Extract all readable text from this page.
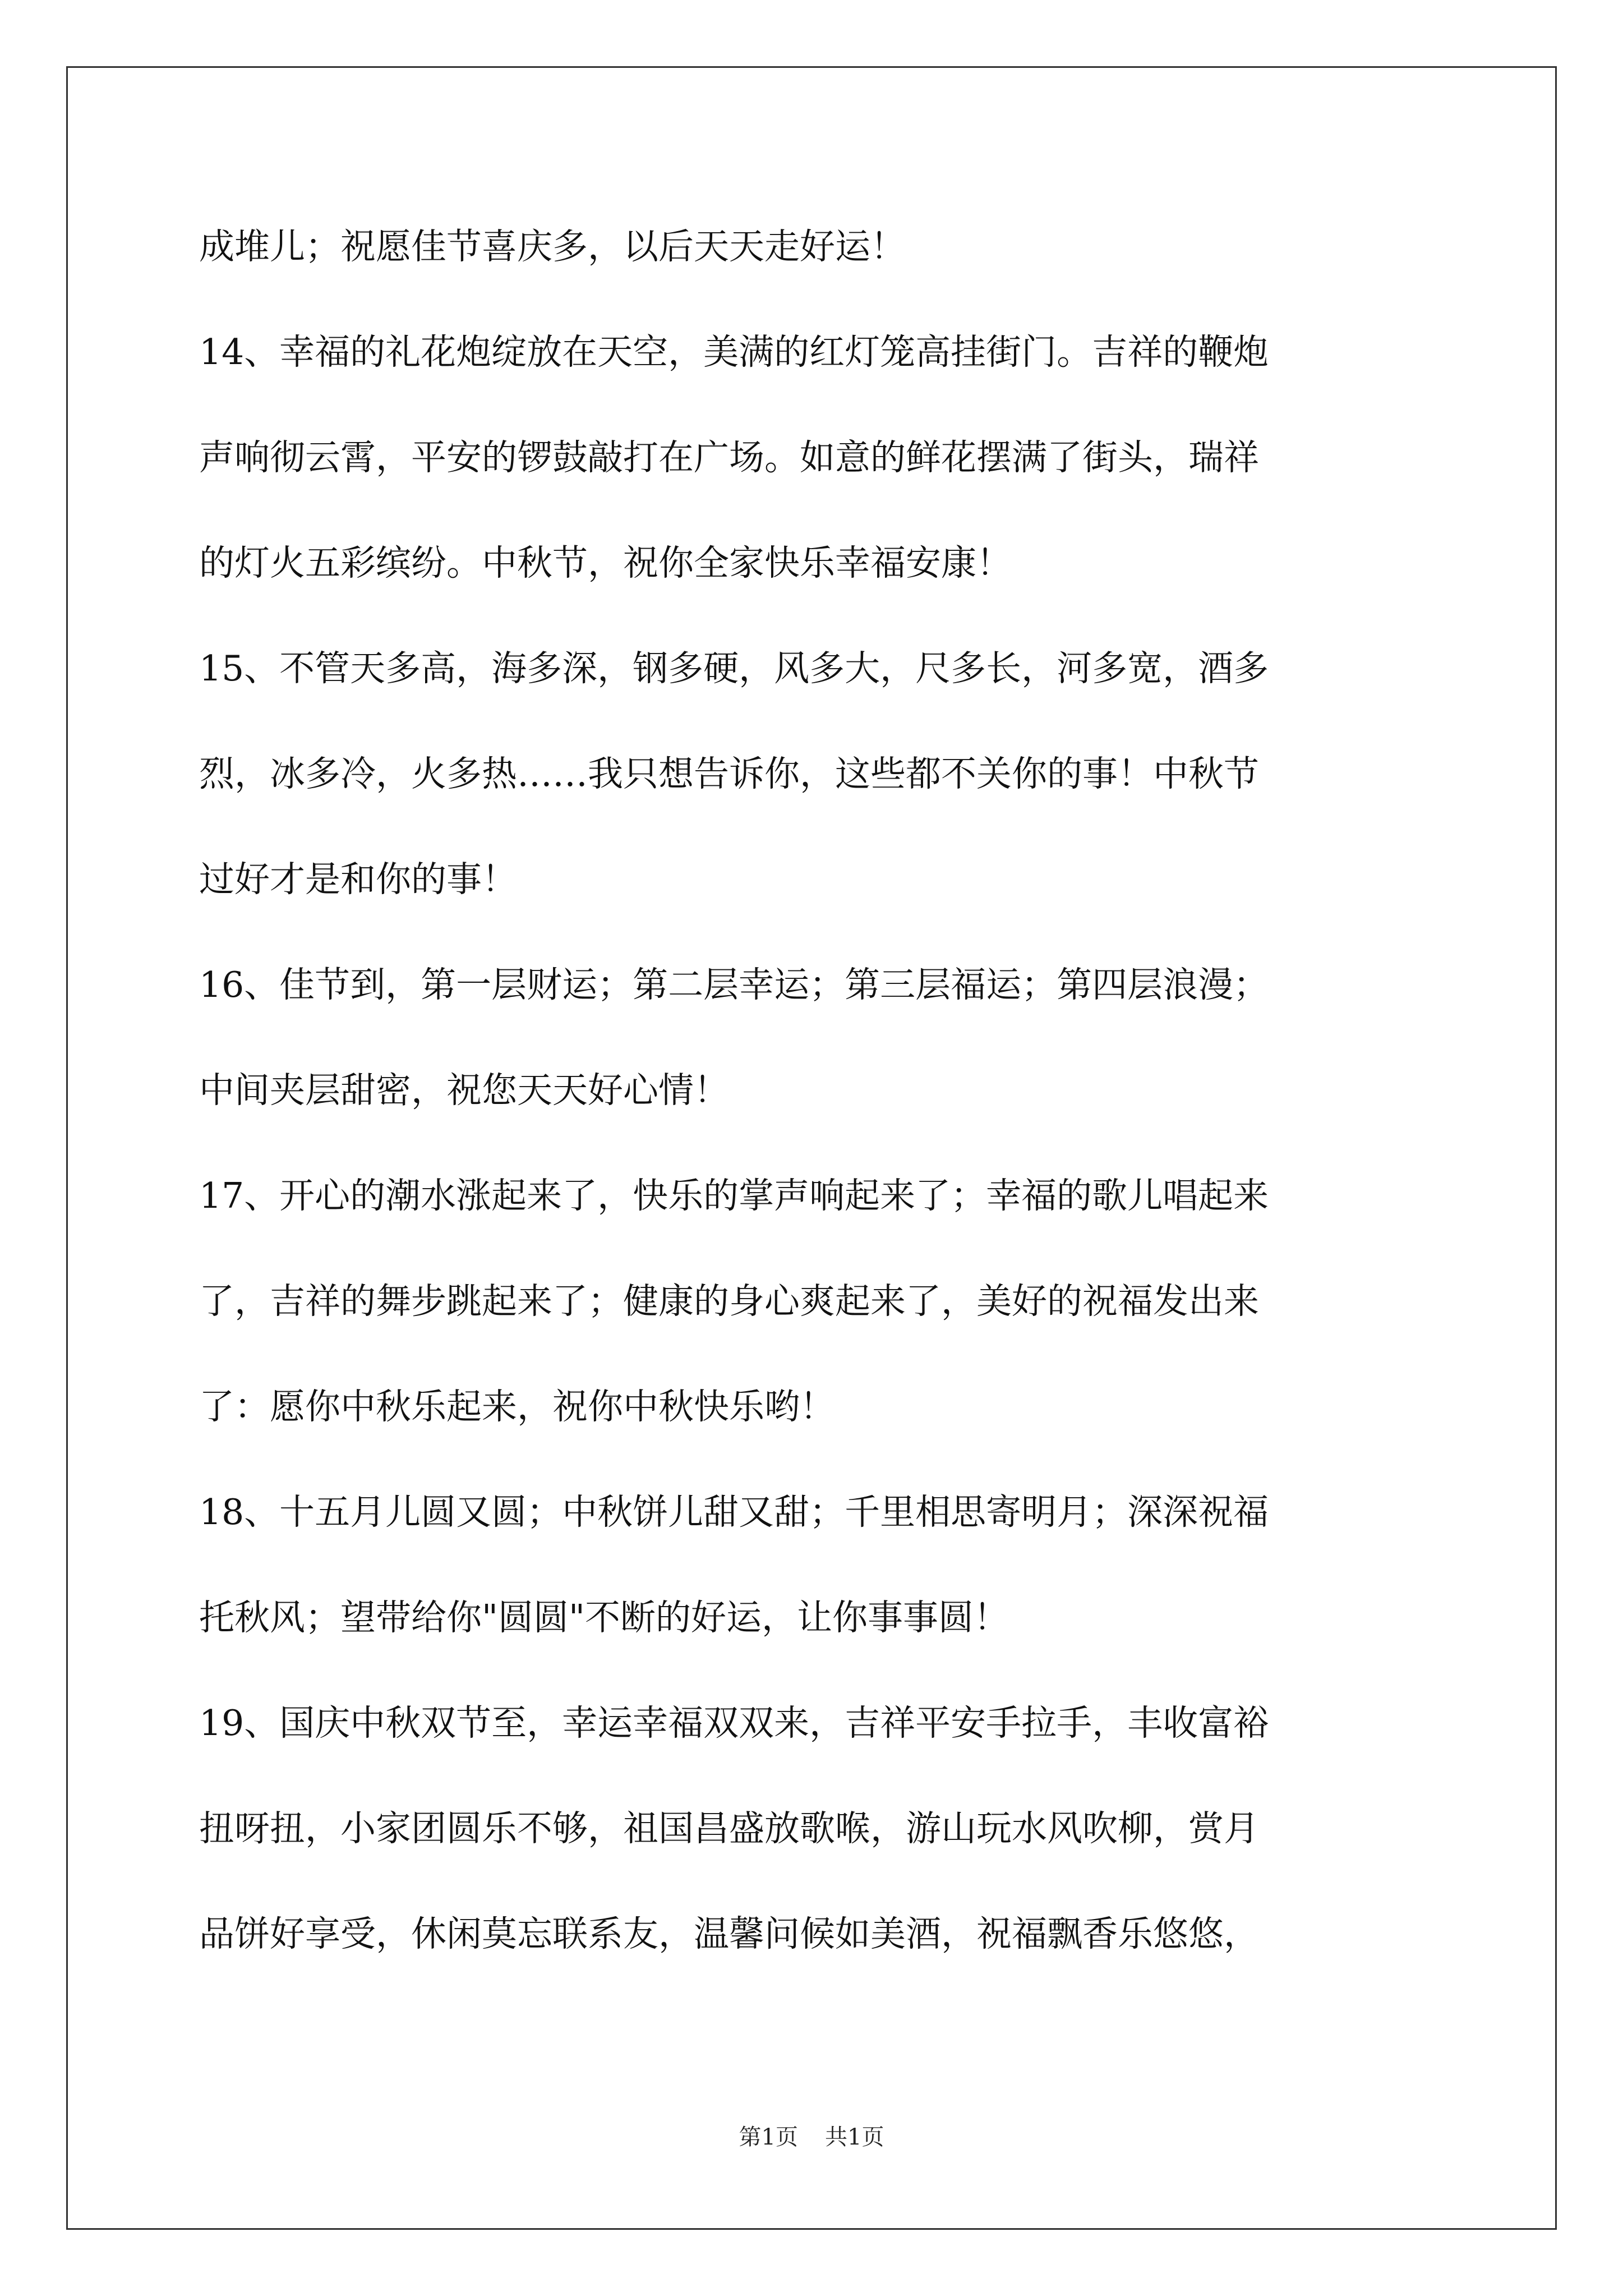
成堆儿；祝愿佳节喜庆多，以后天天走好运！
14、幸福的礼花炮绽放在天空，美满的红灯笼高挂街门。吉祥的鞭炮
声响彻云霄，平安的锣鼓敲打在广场。如意的鲜花摆满了街头，瑞祥
的灯火五彩缤纷。中秋节，祝你全家快乐幸福安康！
15、不管天多高，海多深，钢多硬，风多大，尺多长，河多宽，酒多
烈，冰多冷，火多热……我只想告诉你，这些都不关你的事！中秋节
过好才是和你的事！
16、佳节到，第一层财运；第二层幸运；第三层福运；第四层浪漫；
中间夹层甜密，祝您天天好心情！
17、开心的潮水涨起来了，快乐的掌声响起来了；幸福的歌儿唱起来
了，吉祥的舞步跳起来了；健康的身心爽起来了，美好的祝福发出来
了：愿你中秋乐起来，祝你中秋快乐哟！
18、十五月儿圆又圆；中秋饼儿甜又甜；千里相思寄明月；深深祝福
托秋风；望带给你"圆圆"不断的好运，让你事事圆！
19、国庆中秋双节至，幸运幸福双双来，吉祥平安手拉手，丰收富裕
扭呀扭，小家团圆乐不够，祖国昌盛放歌喉，游山玩水风吹柳，赏月
品饼好享受，休闲莫忘联系友，温馨问候如美酒，祝福飘香乐悠悠，
第1页 共1页
